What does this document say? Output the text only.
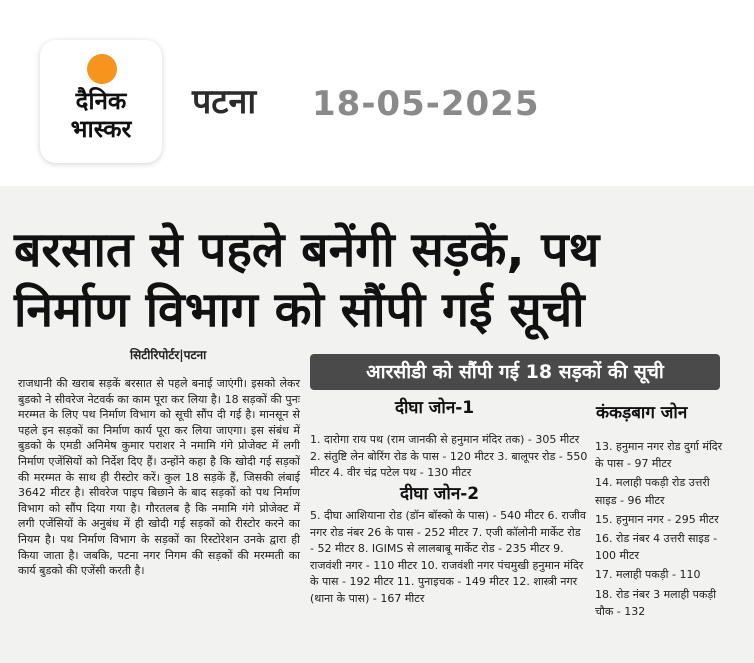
दैनिक
भास्कर
पटना 18-05-2025
बरसात से पहले बनेंगी सड़कें, पथ
निर्माण विभाग को सौंपी गई सूची
सिटीरिपोर्टर|पटना
राजधानी की खराब सड़कें बरसात से पहले बनाई जाएंगी। इसको लेकर बुडको ने सीवरेज नेटवर्क का काम पूरा कर लिया है। 18 सड़कों की पुनः मरम्मत के लिए पथ निर्माण विभाग को सूची सौंप दी गई है। मानसून से पहले इन सड़कों का निर्माण कार्य पूरा कर लिया जाएगा। इस संबंध में बुडको के एमडी अनिमेष कुमार पराशर ने नमामि गंगे प्रोजेक्ट में लगी निर्माण एजेंसियों को निर्देश दिए हैं। उन्होंने कहा है कि खोदी गई सड़कों की मरम्मत के साथ ही रीस्टोर करें। कुल 18 सड़कें हैं, जिसकी लंबाई 3642 मीटर है। सीवरेज पाइप बिछाने के बाद सड़कों को पथ निर्माण विभाग को सौंप दिया गया है। गौरतलब है कि नमामि गंगे प्रोजेक्ट में लगी एजेंसियों के अनुबंध में ही खोदी गई सड़कों को रीस्टोर करने का नियम है। पथ निर्माण विभाग के सड़कों का रिस्टोरेशन उनके द्वारा ही किया जाता है। जबकि, पटना नगर निगम की सड़कों की मरम्मती का कार्य बुडको की एजेंसी करती है।
आरसीडी को सौंपी गई 18 सड़कों की सूची
दीघा जोन-1
1. दारोगा राय पथ (राम जानकी से हनुमान मंदिर तक) - 305 मीटर 2. संतुष्टि लेन बोरिंग रोड के पास - 120 मीटर 3. बालूपर रोड - 550 मीटर 4. वीर चंद्र पटेल पथ - 130 मीटर
दीघा जोन-2
5. दीघा आशियाना रोड (डॉन बॉस्को के पास) - 540 मीटर 6. राजीव नगर रोड नंबर 26 के पास - 252 मीटर 7. एजी कॉलोनी मार्केट रोड - 52 मीटर 8. IGIMS से लालबाबू मार्केट रोड - 235 मीटर 9. राजवंशी नगर - 110 मीटर 10. राजवंशी नगर पंचमुखी हनुमान मंदिर के पास - 192 मीटर 11. पुनाइचक - 149 मीटर 12. शास्त्री नगर (थाना के पास) - 167 मीटर
कंकड़बाग जोन
13. हनुमान नगर रोड दुर्गा मंदिर के पास - 97 मीटर
14. मलाही पकड़ी रोड उत्तरी साइड - 96 मीटर
15. हनुमान नगर - 295 मीटर
16. रोड नंबर 4 उत्तरी साइड - 100 मीटर
17. मलाही पकड़ी - 110
18. रोड नंबर 3 मलाही पकड़ी चौक - 132
